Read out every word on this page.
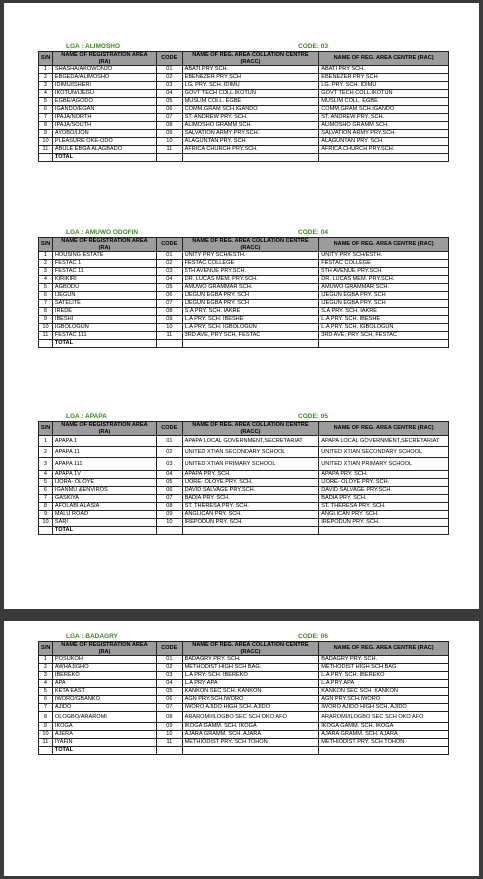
LGA : ALIMOSHO	CODE: 03
S/N	NAME OF REGISTRATION AREA (RA)	CODE	NAME OF REG. AREA COLLATION CENTRE (RACC)	NAME OF REG. AREA CENTRE (RAC)
1	SHASHA/AKOWONJO	01	ABATI PRY SCH.	ABATI PRY SCH.
2	EBGEDA/ALIMOSHO	02	EBENEZER PRY SCH	EBENEZER PRY SCH
3	IDIMU/ISHERI	03	LG. PRY. SCH. IDIMU	LG. PRY. SCH. IDIMU
4	IKOTUN/IJEGU	04	GOVT TECH COLL.IKOTUN	GOVT TECH COLL.IKOTUN
5	EGBE/AGODO	05	MUSLIM COLL. EGBE	MUSLIM COLL. EGBE
6	IGANDO/EGAN	06	COMM.GRAM SCH.IGANDO	COMM.GRAM SCH.IGANDO
7	IPAJA/NORTH	07	ST. ANDREW PRY. SCH.	ST. ANDREW PRY. SCH.
8	IPAJA/SOUTH	08	ALIMOSHO GRAMM SCH.	ALIMOSHO GRAMM SCH.
9	AYOBO/IJON	09	SALVATION ARMY PRY.SCH.	SALVATION ARMY PRY.SCH.
10	PLEASURE OKE-ODO	10	ALAGUNTAN PRY. SCH	ALAGUNTAN PRY. SCH
11	ABULE EBGA ALAGBADO	11	AFRICA CHURCH PRY.SCH.	AFRICA CHURCH PRY.SCH.
	TOTAL			
LGA : AMUWO ODOFIN	CODE: 04
S/N	NAME OF REGISTRATION AREA (RA)	CODE	NAME OF REG. AREA COLLATION CENTRE (RACC)	NAME OF REG. AREA CENTRE (RAC)
1	HOUSING ESTATE	01	UNITY PRY SCH/ESTH.	UNITY PRY SCH/ESTH.
2	FESTAC 1	02	FESTAC COLLEGE	FESTAC COLLEGE
3	FESTAC 11	03	5TH AVENUE PRY.SCH.	5TH AVENUE PRY.SCH.
4	KIRIKIRI	04	DR. LUCAS MEM. PRY.SCH.	DR. LUCAS MEM. PRY.SCH.
5	AGBODU	05	AMUWO GRAMMAR SCH.	AMUWO GRAMMAR SCH.
6	IJEGUN	06	IJEGUN EGBA PRY. SCH	IJEGUN EGBA PRY. SCH
7	SATELITE	07	IJEGUN EGBA PRY. SCH	IJEGUN EGBA PRY. SCH
8	IREDE	08	S.A PRY. SCH. IAKRE	S.A PRY. SCH. IAKRE
9	IBESHI	09	L.A PRY. SCH. IBESHE	L.A PRY. SCH. IBESHE
10	IGBOLOGUN	10	L.A PRY. SCH. IGBOLOGUN	L.A PRY. SCH. IGBOLOGUN
11	FESTAC 111	11	3RD AVE, PRY SCH, FESTAC	3RD AVE, PRY SCH, FESTAC
	TOTAL			
LGA : APAPA	CODE: 05
S/N	NAME OF REGISTRATION AREA (RA)	CODE	NAME OF REG. AREA COLLATION CENTRE (RACC)	NAME OF REG. AREA CENTRE (RAC)
1	APAPA 1	01	APAPA LOCAL GOVERNMENT,SECRETARIAT	APAPA LOCAL GOVERNMENT,SECRETARIAT
2	APAPA 11	02	UNITED XTIAN SECONDARY SCHOOL	UNITED XTIAN SECONDARY SCHOOL
3	APAPA 111	03	UNITED XTIAN PRIMARY SCHOOL	UNITED XTIAN PRIMARY SCHOOL
4	APAPA 1V	04	APAPA PRY. SCH.	APAPA PRY. SCH.
5	IJORA- OLOYE	05	IJORE- OLOYE PRY. SCH.	IJORE- OLOYE PRY. SCH.
6	IGANMU &ENVIROS	06	DAVID SALVAGE PRY.SCH.	DAVID SALVAGE PRY.SCH.
7	GASKIYA	07	BADIA PRY. SCH.	BADIA PRY. SCH.
8	AFOLABI ALASIA	08	ST. THERESA PRY. SCH.	ST. THERESA PRY. SCH.
9	MALU ROAD	09	ANGLICAN PRY. SCH.	ANGLICAN PRY. SCH.
10	SARI	10	IREPODUN PRY. SCH.	IREPODUN PRY. SCH.
	TOTAL			
LGA : BADAGRY	CODE: 06
S/N	NAME OF REGISTRATION AREA (RA)	CODE	NAME OF REG. AREA COLLATION CENTRE (RACC)	NAME OF REG. AREA CENTRE (RAC)
1	POSUKOH	01	BADAGRY PRY. SCH.	BADAGRY PRY. SCH.
2	AWHAJIGHO	02	METHODIST HIGH SCH BAG.	METHODIST HIGH SCH BAG.
3	IBEREKO	03	L.A PRY. SCH. IBEREKO	L.A PRY. SCH. IBEREKO
4	APA	04	L.A PRY APA	L.A PRY APA
5	KETA EAST	05	KANKON SEC SCH. KANKON	KANKON SEC SCH. KANKON
6	IWORO/GBANKO	06	AGN PRY.SCH.IWORO	AGN PRY.SCH.IWORO
7	AJIDO	07	IWORO AJIDO HIGH SCH. AJIDO	IWORO AJIDO HIGH SCH. AJIDO
8	OLOGBO/ARAROMI	08	ARAROMI/ILOGBO SEC SCH OKO AFO	ARAROMI/ILOGBO SEC SCH OKO AFO
9	IKOGA	09	IKOGA GAMM. SCH. IKOGA	IKOGA GAMM. SCH. IKOGA
10	AJERA	10	AJARA GRAMM. SCH. AJARA	AJARA GRAMM. SCH. AJARA
11	IYAFIN	11	METHIODIST PRY. SCH TOHON	METHIODIST PRY. SCH TOHON
	TOTAL			
